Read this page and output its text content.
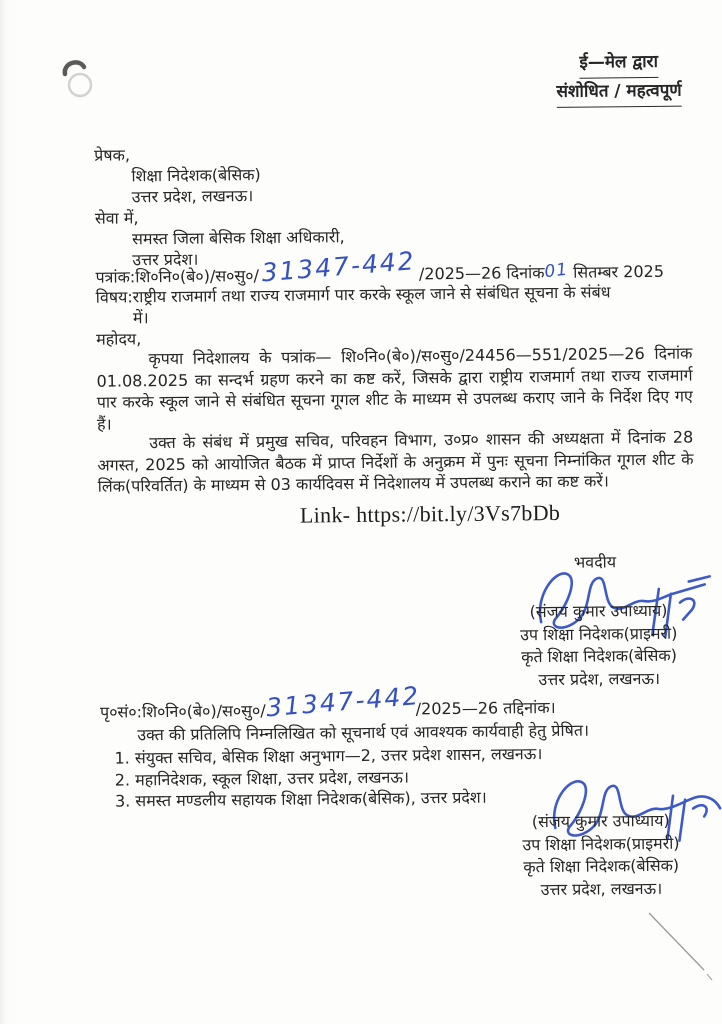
ई—मेल द्वारा
संशोधित / महत्वपूर्ण
प्रेषक,
शिक्षा निदेशक(बेसिक)
उत्तर प्रदेश, लखनऊ।
सेवा में,
समस्त जिला बेसिक शिक्षा अधिकारी,
उत्तर प्रदेश।
पत्रांक:शि०नि०(बे०)/स०सु०/31347-442 /2025—26 दिनांक01 सितम्बर 2025
विषय:राष्ट्रीय राजमार्ग तथा राज्य राजमार्ग पार करके स्कूल जाने से संबंधित सूचना के संबंध
में।
महोदय,
कृपया निदेशालय के पत्रांक— शि०नि०(बे०)/स०सु०/24456—551/2025—26 दिनांक 01.08.2025 का सन्दर्भ ग्रहण करने का कष्ट करें, जिसके द्वारा राष्ट्रीय राजमार्ग तथा राज्य राजमार्ग पार करके स्कूल जाने से संबंधित सूचना गूगल शीट के माध्यम से उपलब्ध कराए जाने के निर्देश दिए गए हैं।
उक्त के संबंध में प्रमुख सचिव, परिवहन विभाग, उ०प्र० शासन की अध्यक्षता में दिनांक 28 अगस्त, 2025 को आयोजित बैठक में प्राप्त निर्देशों के अनुक्रम में पुनः सूचना निम्नांकित गूगल शीट के लिंक(परिवर्तित) के माध्यम से 03 कार्यदिवस में निदेशालय में उपलब्ध कराने का कष्ट करें।
Link- https://bit.ly/3Vs7bDb
भवदीय
(संजय कुमार उपाध्याय)
उप शिक्षा निदेशक(प्राइमरी)
कृते शिक्षा निदेशक(बेसिक)
उत्तर प्रदेश, लखनऊ।
पृ०सं०:शि०नि०(बे०)/स०सु०/31347-442/2025—26 तद्दिनांक।
उक्त की प्रतिलिपि निम्नलिखित को सूचनार्थ एवं आवश्यक कार्यवाही हेतु प्रेषित।
1. संयुक्त सचिव, बेसिक शिक्षा अनुभाग—2, उत्तर प्रदेश शासन, लखनऊ।
2. महानिदेशक, स्कूल शिक्षा, उत्तर प्रदेश, लखनऊ।
3. समस्त मण्डलीय सहायक शिक्षा निदेशक(बेसिक), उत्तर प्रदेश।
(संजय कुमार उपाध्याय)
उप शिक्षा निदेशक(प्राइमरी)
कृते शिक्षा निदेशक(बेसिक)
उत्तर प्रदेश, लखनऊ।
